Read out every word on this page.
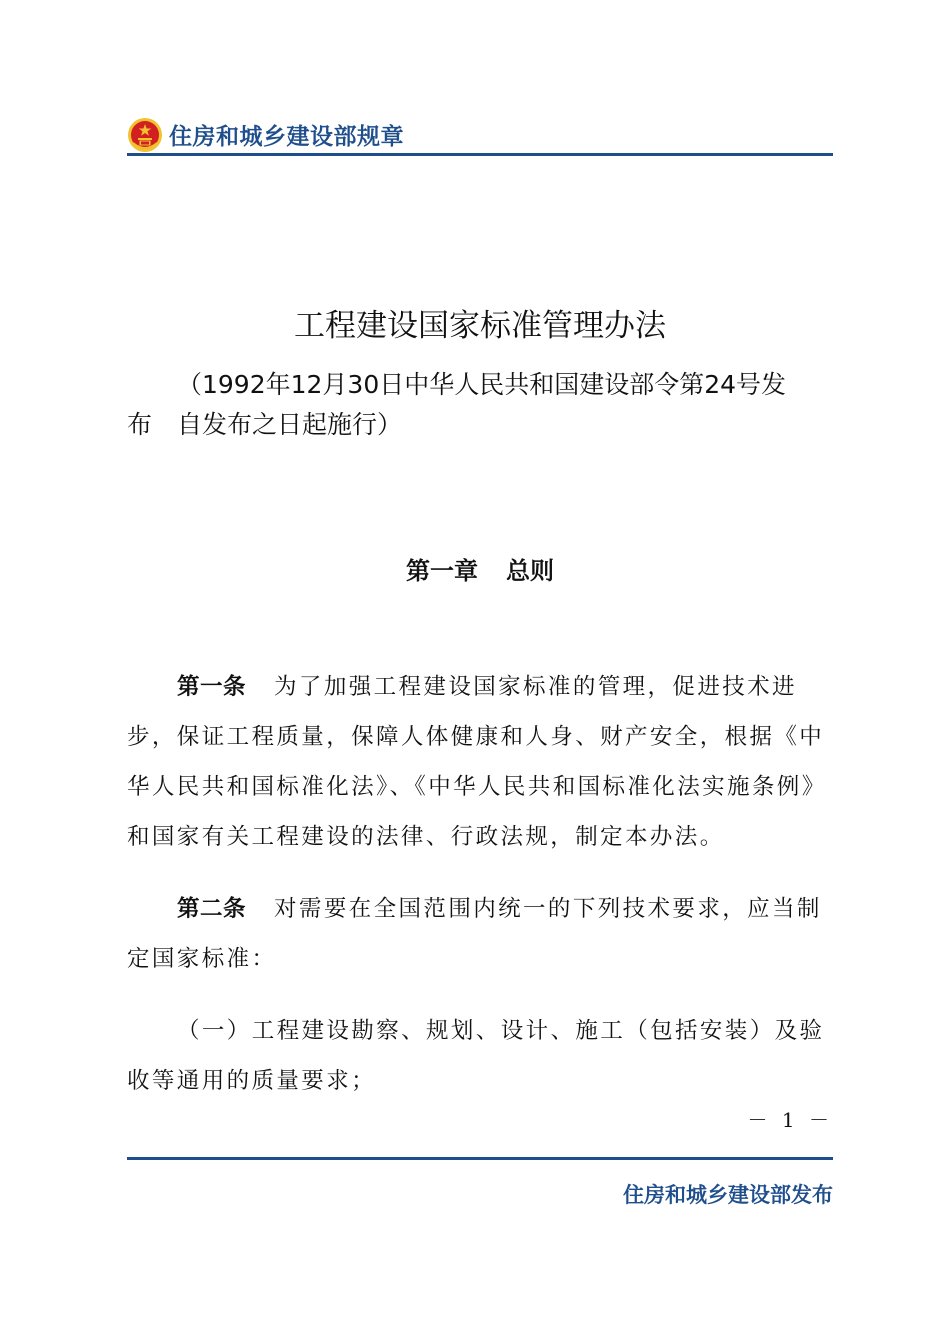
住房和城乡建设部规章
工程建设国家标准管理办法
（1992年12月30日中华人民共和国建设部令第24号发
布　自发布之日起施行）
第一章 总则
第一条 为了加强工程建设国家标准的管理，促进技术进
步，保证工程质量，保障人体健康和人身、财产安全，根据《中
华人民共和国标准化法》、《中华人民共和国标准化法实施条例》
和国家有关工程建设的法律、行政法规，制定本办法。
第二条 对需要在全国范围内统一的下列技术要求，应当制
定国家标准：
（一）工程建设勘察、规划、设计、施工（包括安装）及验
收等通用的质量要求；
－ 1 －
住房和城乡建设部发布
